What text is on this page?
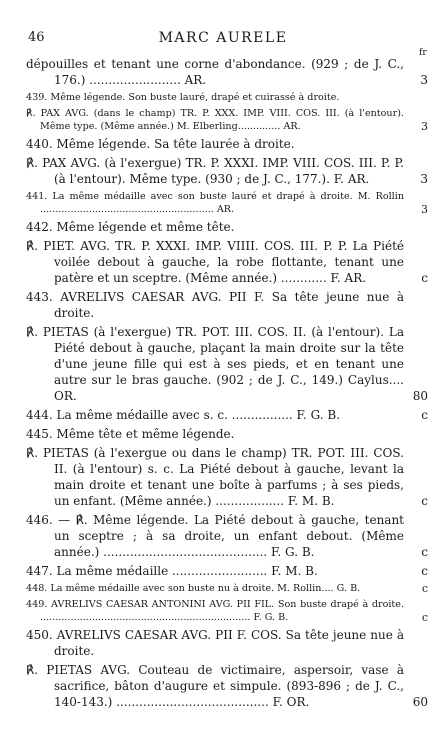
46	MARC AURELE
fr
dépouilles et tenant une corne d'abondance. (929 ; de J. C., 176.) ........................ AR.	3
439. Même légende. Son buste lauré, drapé et cuirassé à droite.
℟. PAX AVG. (dans le champ) TR. P. XXX. IMP. VIII. COS. III. (à l'entour). Même type. (Même année.) M. Elberling.............. AR.	3
440. Même légende. Sa tête laurée à droite.
℟. PAX AVG. (à l'exergue) TR. P. XXXI. IMP. VIII. COS. III. P. P. (à l'entour). Même type. (930 ; de J. C., 177.). F. AR.	3
441. La même médaille avec son buste lauré et drapé à droite. M. Rollin ......................................................... AR.	3
442. Même légende et même tête.
℟. PIET. AVG. TR. P. XXXI. IMP. VIIII. COS. III. P. P. La Piété voilée debout à gauche, la robe flottante, tenant une patère et un sceptre. (Même année.) ............ F. AR.	c
443. AVRELIVS CAESAR AVG. PII F. Sa tête jeune nue à droite.
℟. PIETAS (à l'exergue) TR. POT. III. COS. II. (à l'entour). La Piété debout à gauche, plaçant la main droite sur la tête d'une jeune fille qui est à ses pieds, et en tenant une autre sur le bras gauche. (902 ; de J. C., 149.) Caylus.... OR.	80
444. La même médaille avec s. c. ................ F. G. B.	c
445. Même tête et même légende.
℟. PIETAS (à l'exergue ou dans le champ) TR. POT. III. COS. II. (à l'entour) s. c. La Piété debout à gauche, levant la main droite et tenant une boîte à parfums ; à ses pieds, un enfant. (Même année.) .................. F. M. B.	c
446. — ℟. Même légende. La Piété debout à gauche, tenant un sceptre ; à sa droite, un enfant debout. (Même année.) ........................................... F. G. B.	c
447. La même médaille ......................... F. M. B.	c
448. La même médaille avec son buste nu à droite. M. Rollin.... G. B.	c
449. AVRELIVS CAESAR ANTONINI AVG. PII FIL. Son buste drapé à droite. ..................................................................... F. G. B.	c
450. AVRELIVS CAESAR AVG. PII F. COS. Sa tête jeune nue à droite.
℟. PIETAS AVG. Couteau de victimaire, aspersoir, vase à sacrifice, bâton d'augure et simpule. (893-896 ; de J. C., 140-143.) ........................................ F. OR.	60
